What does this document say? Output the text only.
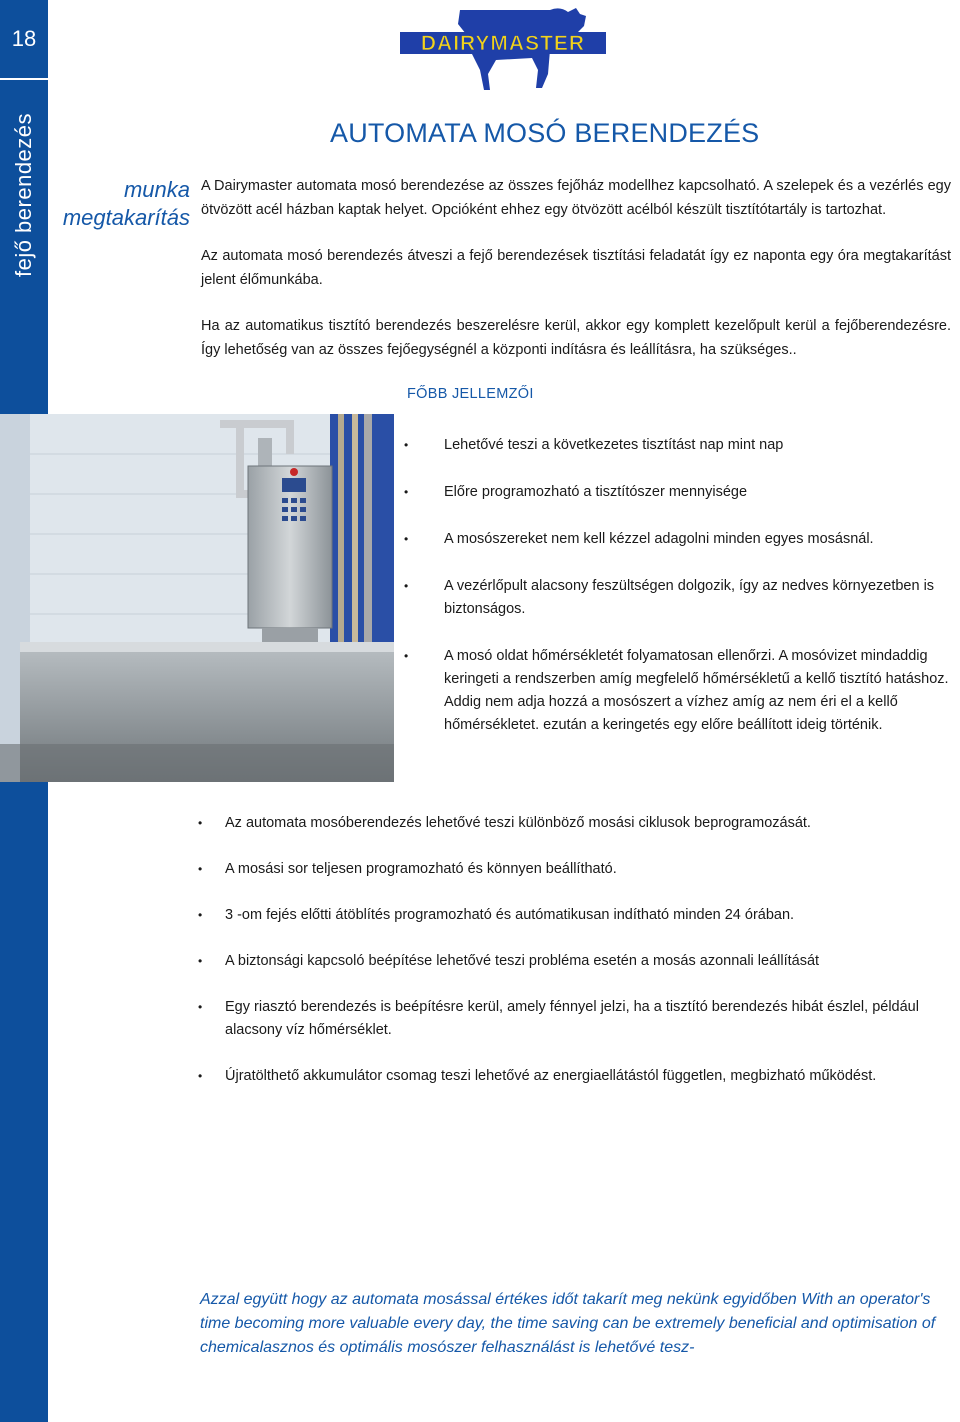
18
fejő berendezés
DAIRYMASTER
AUTOMATA MOSÓ BERENDEZÉS
munka
megtakarítás

A Dairymaster automata mosó berendezése az összes fejőház modellhez kapcsolható. A szelepek és a vezérlés egy ötvözött acél házban kaptak helyet. Opcióként ehhez egy ötvözött acélból készült tisztítótartály is tartozhat.

Az automata mosó berendezés átveszi a fejő berendezések tisztítási feladatát így ez naponta egy óra megtakarítást jelent élőmunkába.

Ha az automatikus tisztító berendezés beszerelésre kerül, akkor egy komplett kezelőpult kerül a fejőberendezésre. Így lehetőség van az összes fejőegységnél a központi indításra és leállításra, ha szükséges..

FŐBB JELLEMZŐI
• Lehetővé teszi a következetes tisztítást nap mint nap
• Előre programozható a tisztítószer mennyisége
• A mosószereket nem kell kézzel adagolni minden egyes mosásnál.
• A vezérlőpult alacsony feszültségen dolgozik, így az nedves környezetben is biztonságos.
• A mosó oldat hőmérsékletét folyamatosan ellenőrzi. A mosóvizet mindaddig keringeti a rendszerben amíg megfelelő hőmérsékletű a kellő tisztító hatáshoz. Addig nem adja hozzá a mosószert a vízhez amíg az nem éri el a kellő hőmérsékletet. ezután a keringetés egy előre beállított ideig történik.
• Az automata mosóberendezés lehetővé teszi különböző mosási ciklusok beprogramozását.
• A mosási sor teljesen programozható és könnyen beállítható.
• 3 -om fejés előtti átöblítés programozható és autómatikusan indítható minden 24 órában.
• A biztonsági kapcsoló beépítése lehetővé teszi probléma esetén a mosás azonnali leállítását
• Egy riasztó berendezés is beépítésre kerül, amely fénnyel jelzi, ha a tisztító berendezés hibát észlel, például alacsony víz hőmérséklet.
• Újratölthető akkumulátor csomag teszi lehetővé az energiaellátástól független, megbizható működést.

Azzal együtt hogy az automata mosással értékes időt takarít meg nekünk egyidőben With an operator's time becoming more valuable every day, the time saving can be extremely beneficial and optimisation of chemicalasznos és optimális mosószer felhasználást is lehetővé tesz-
